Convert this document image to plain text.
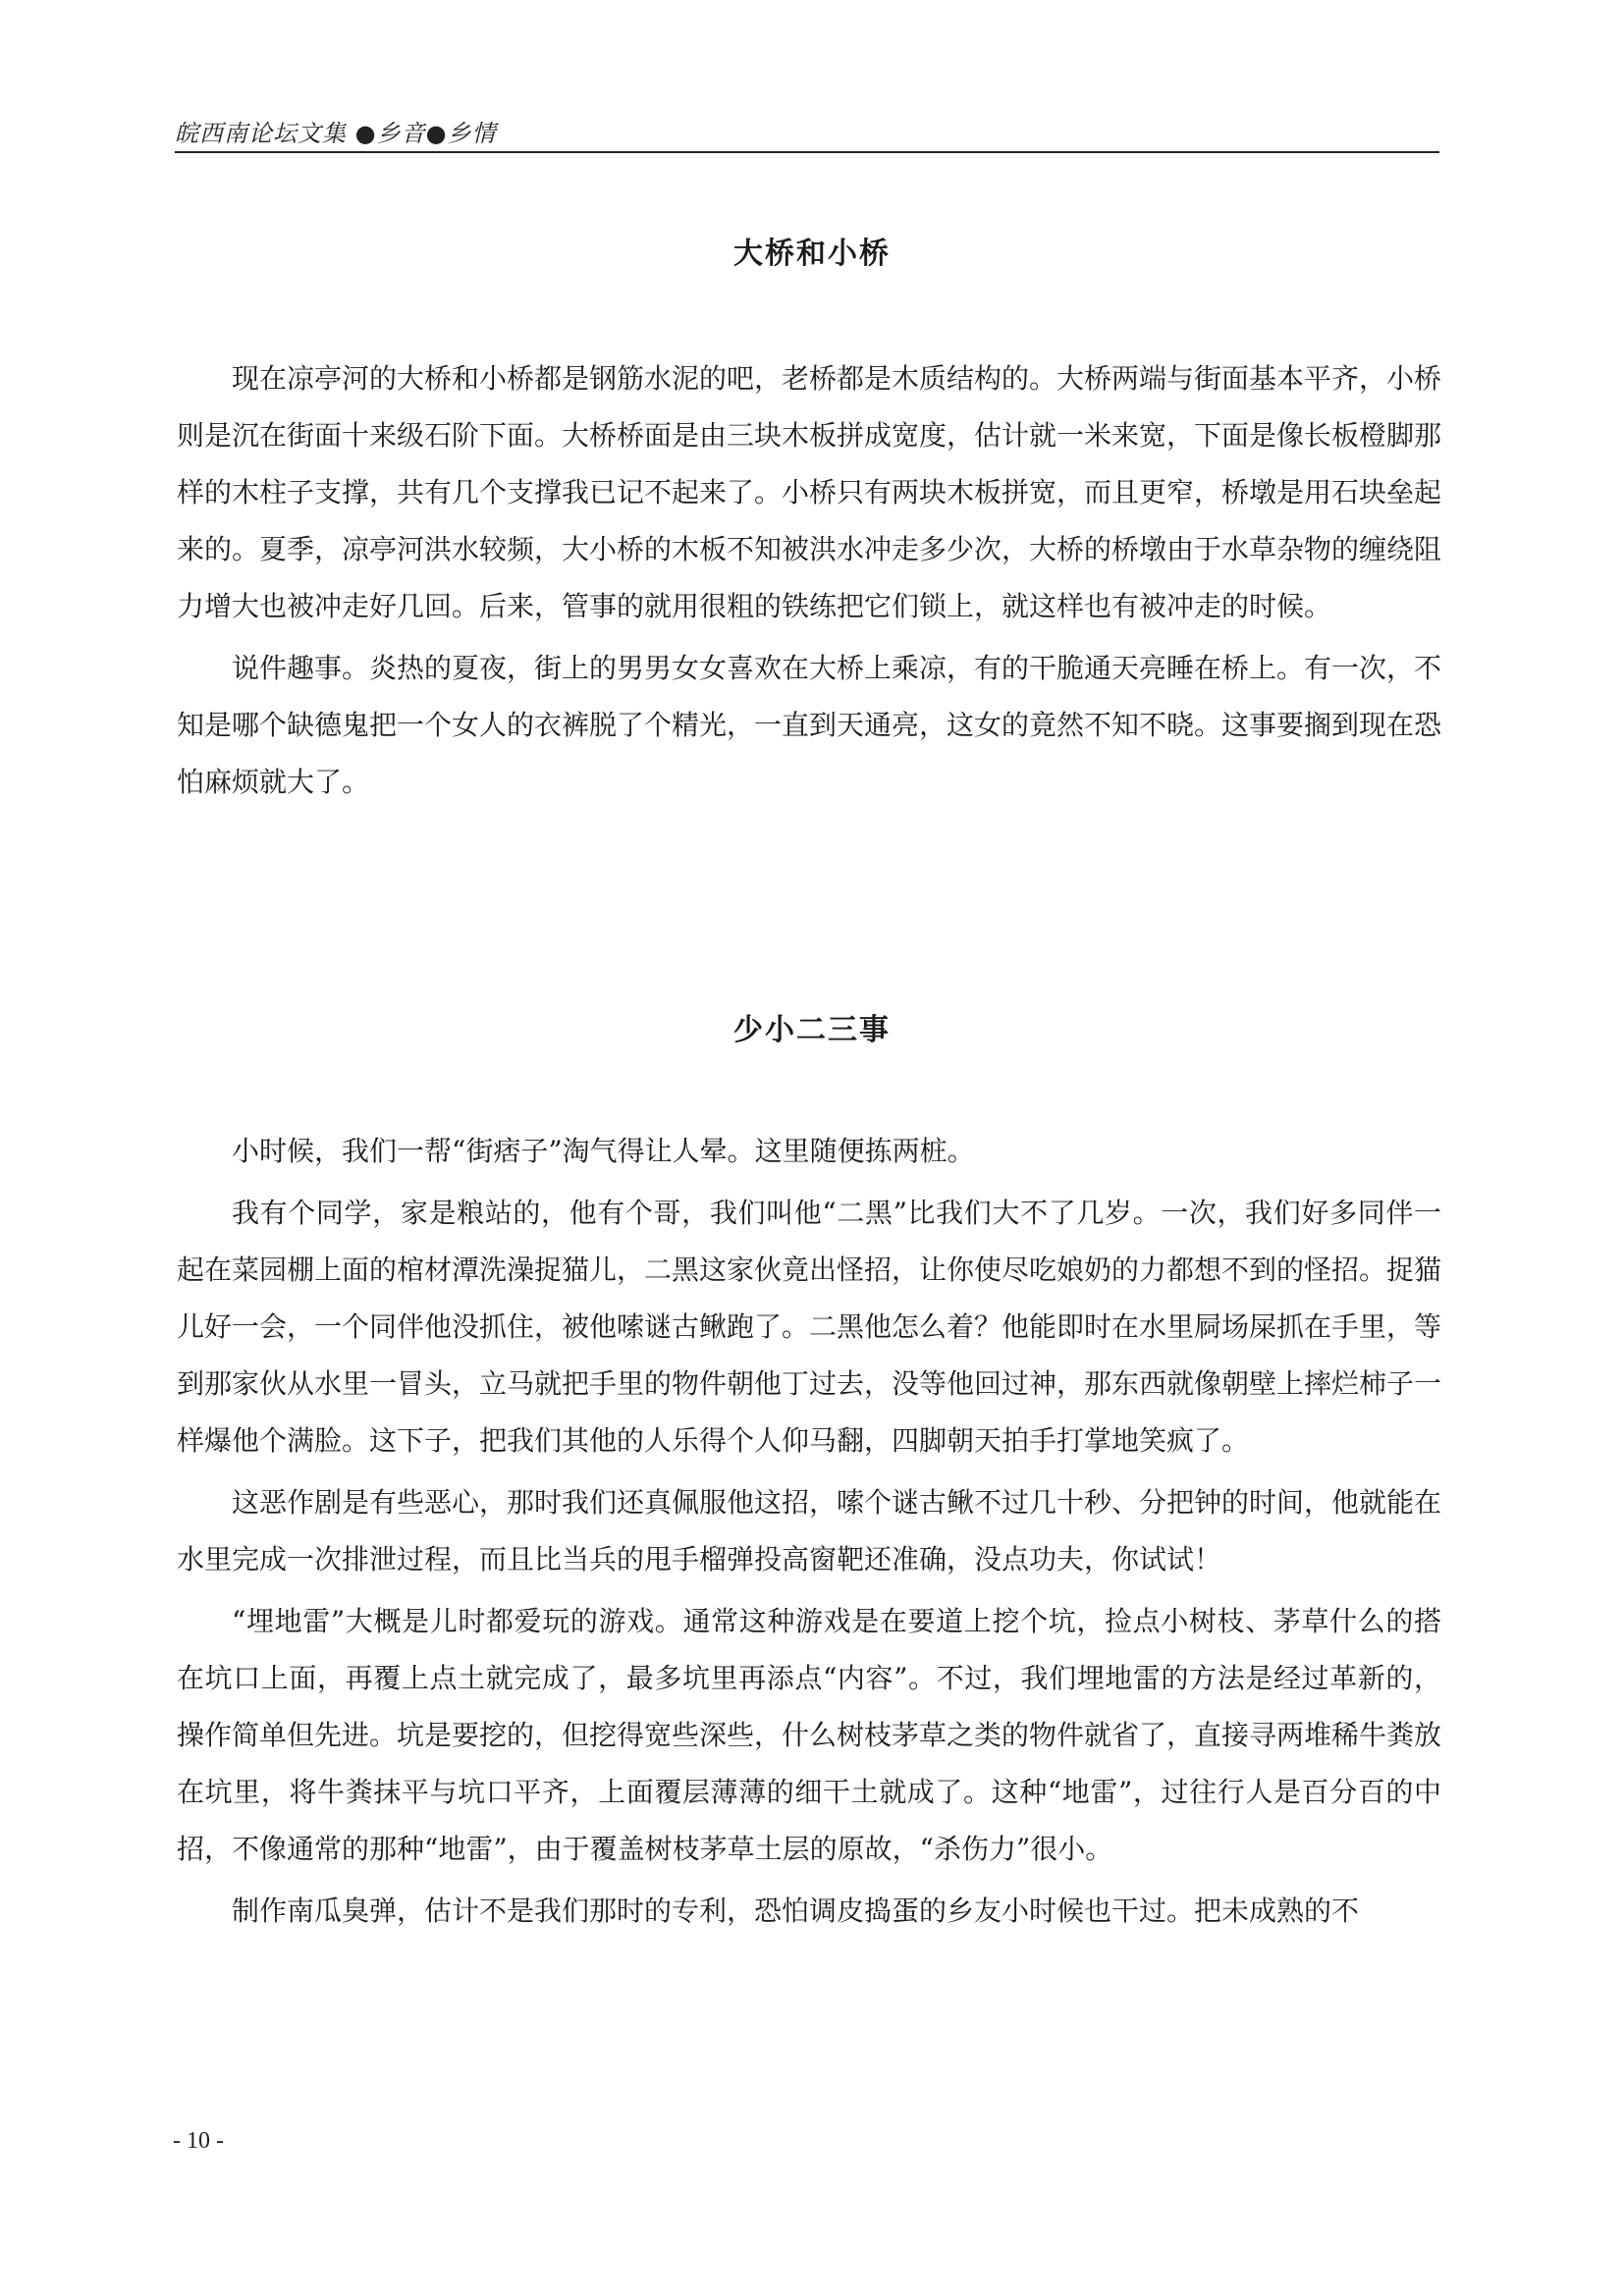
皖西南论坛文集 ●乡音●乡情
大桥和小桥

现在凉亭河的大桥和小桥都是钢筋水泥的吧，老桥都是木质结构的。大桥两端与街面基本平齐，小桥则是沉在街面十来级石阶下面。大桥桥面是由三块木板拼成宽度，估计就一米来宽，下面是像长板橙脚那样的木柱子支撑，共有几个支撑我已记不起来了。小桥只有两块木板拼宽，而且更窄，桥墩是用石块垒起来的。夏季，凉亭河洪水较频，大小桥的木板不知被洪水冲走多少次，大桥的桥墩由于水草杂物的缠绕阻力增大也被冲走好几回。后来，管事的就用很粗的铁练把它们锁上，就这样也有被冲走的时候。

说件趣事。炎热的夏夜，街上的男男女女喜欢在大桥上乘凉，有的干脆通天亮睡在桥上。有一次，不知是哪个缺德鬼把一个女人的衣裤脱了个精光，一直到天通亮，这女的竟然不知不晓。这事要搁到现在恐怕麻烦就大了。

少小二三事

小时候，我们一帮“街痞子”淘气得让人晕。这里随便拣两桩。

我有个同学，家是粮站的，他有个哥，我们叫他“二黑”比我们大不了几岁。一次，我们好多同伴一起在菜园棚上面的棺材潭洗澡捉猫儿，二黑这家伙竟出怪招，让你使尽吃娘奶的力都想不到的怪招。捉猫儿好一会，一个同伴他没抓住，被他嗦谜古鳅跑了。二黑他怎么着？他能即时在水里屙场屎抓在手里，等到那家伙从水里一冒头，立马就把手里的物件朝他丁过去，没等他回过神，那东西就像朝壁上摔烂柿子一样爆他个满脸。这下子，把我们其他的人乐得个人仰马翻，四脚朝天拍手打掌地笑疯了。

这恶作剧是有些恶心，那时我们还真佩服他这招，嗦个谜古鳅不过几十秒、分把钟的时间，他就能在水里完成一次排泄过程，而且比当兵的甩手榴弹投高窗靶还准确，没点功夫，你试试！

“埋地雷”大概是儿时都爱玩的游戏。通常这种游戏是在要道上挖个坑，捡点小树枝、茅草什么的搭在坑口上面，再覆上点土就完成了，最多坑里再添点“内容”。不过，我们埋地雷的方法是经过革新的，操作简单但先进。坑是要挖的，但挖得宽些深些，什么树枝茅草之类的物件就省了，直接寻两堆稀牛粪放在坑里，将牛粪抹平与坑口平齐，上面覆层薄薄的细干土就成了。这种“地雷”，过往行人是百分百的中招，不像通常的那种“地雷”，由于覆盖树枝茅草土层的原故，“杀伤力”很小。

制作南瓜臭弹，估计不是我们那时的专利，恐怕调皮捣蛋的乡友小时候也干过。把未成熟的不

- 10 -
